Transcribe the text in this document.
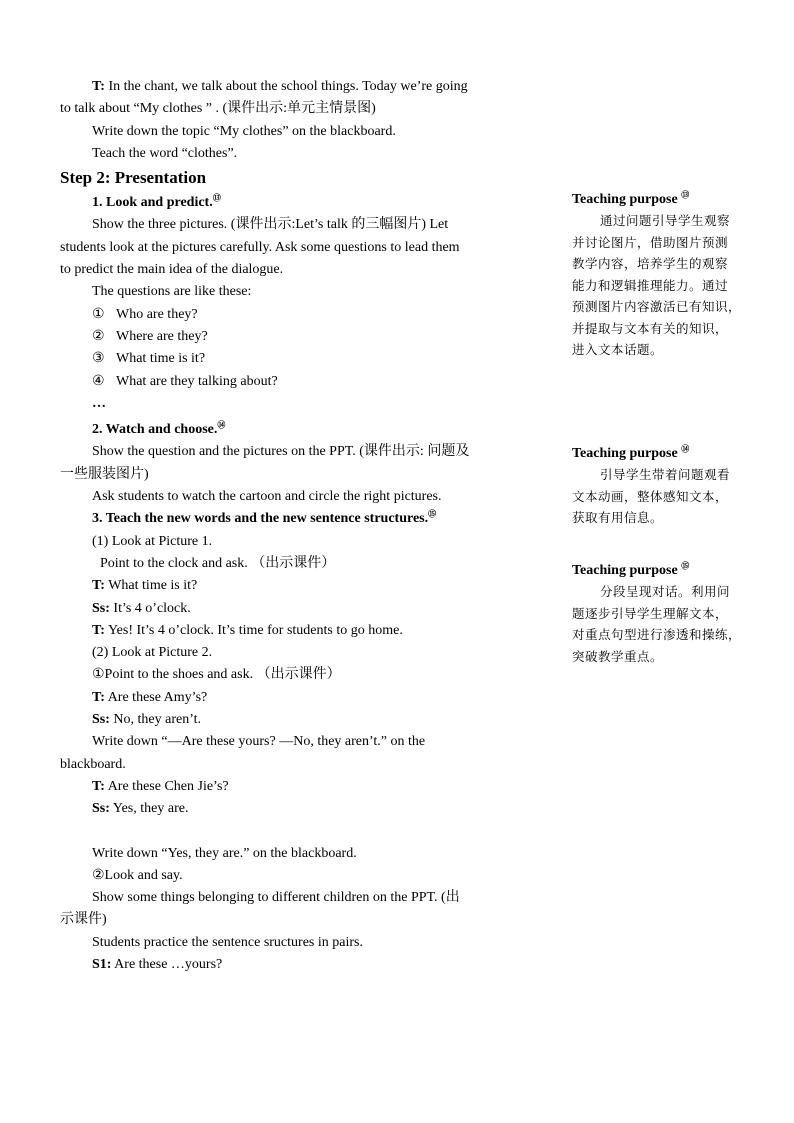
T: In the chant, we talk about the school things. Today we’re going

to talk about “My clothes ” . (课件出示:单元主情景图)

Write down the topic “My clothes” on the blackboard.

Teach the word “clothes”.

Step 2: Presentation

1. Look and predict.⑬

Show the three pictures. (课件出示:Let’s talk 的三幅图片) Let

students look at the pictures carefully. Ask some questions to lead them

to predict the main idea of the dialogue.

The questions are like these:

① Who are they?

② Where are they?

③ What time is it?

④ What are they talking about?

…

2. Watch and choose.⑭

Show the question and the pictures on the PPT. (课件出示: 问题及

一些服装图片)

Ask students to watch the cartoon and circle the right pictures.

3. Teach the new words and the new sentence structures.⑮

(1) Look at Picture 1.

Point to the clock and ask. （出示课件）

T: What time is it?

Ss: It’s 4 o’clock.

T: Yes! It’s 4 o’clock. It’s time for students to go home.

(2) Look at Picture 2.

①Point to the shoes and ask. （出示课件）

T: Are these Amy’s?

Ss: No, they aren’t.

Write down “—Are these yours? —No, they aren’t.” on the

blackboard.

T: Are these Chen Jie’s?

Ss: Yes, they are.

Write down “Yes, they are.” on the blackboard.

②Look and say.

Show some things belonging to different children on the PPT. (出

示课件)

Students practice the sentence sructures in pairs.

S1: Are these …yours?

Teaching purpose ⑬
通过问题引导学生观察
并讨论图片，借助图片预测
教学内容，培养学生的观察
能力和逻辑推理能力。通过
预测图片内容激活已有知识，
并提取与文本有关的知识，
进入文本话题。
Teaching purpose ⑭
引导学生带着问题观看
文本动画，整体感知文本，
获取有用信息。
Teaching purpose ⑮
分段呈现对话。利用问
题逐步引导学生理解文本，
对重点句型进行渗透和操练，
突破教学重点。
